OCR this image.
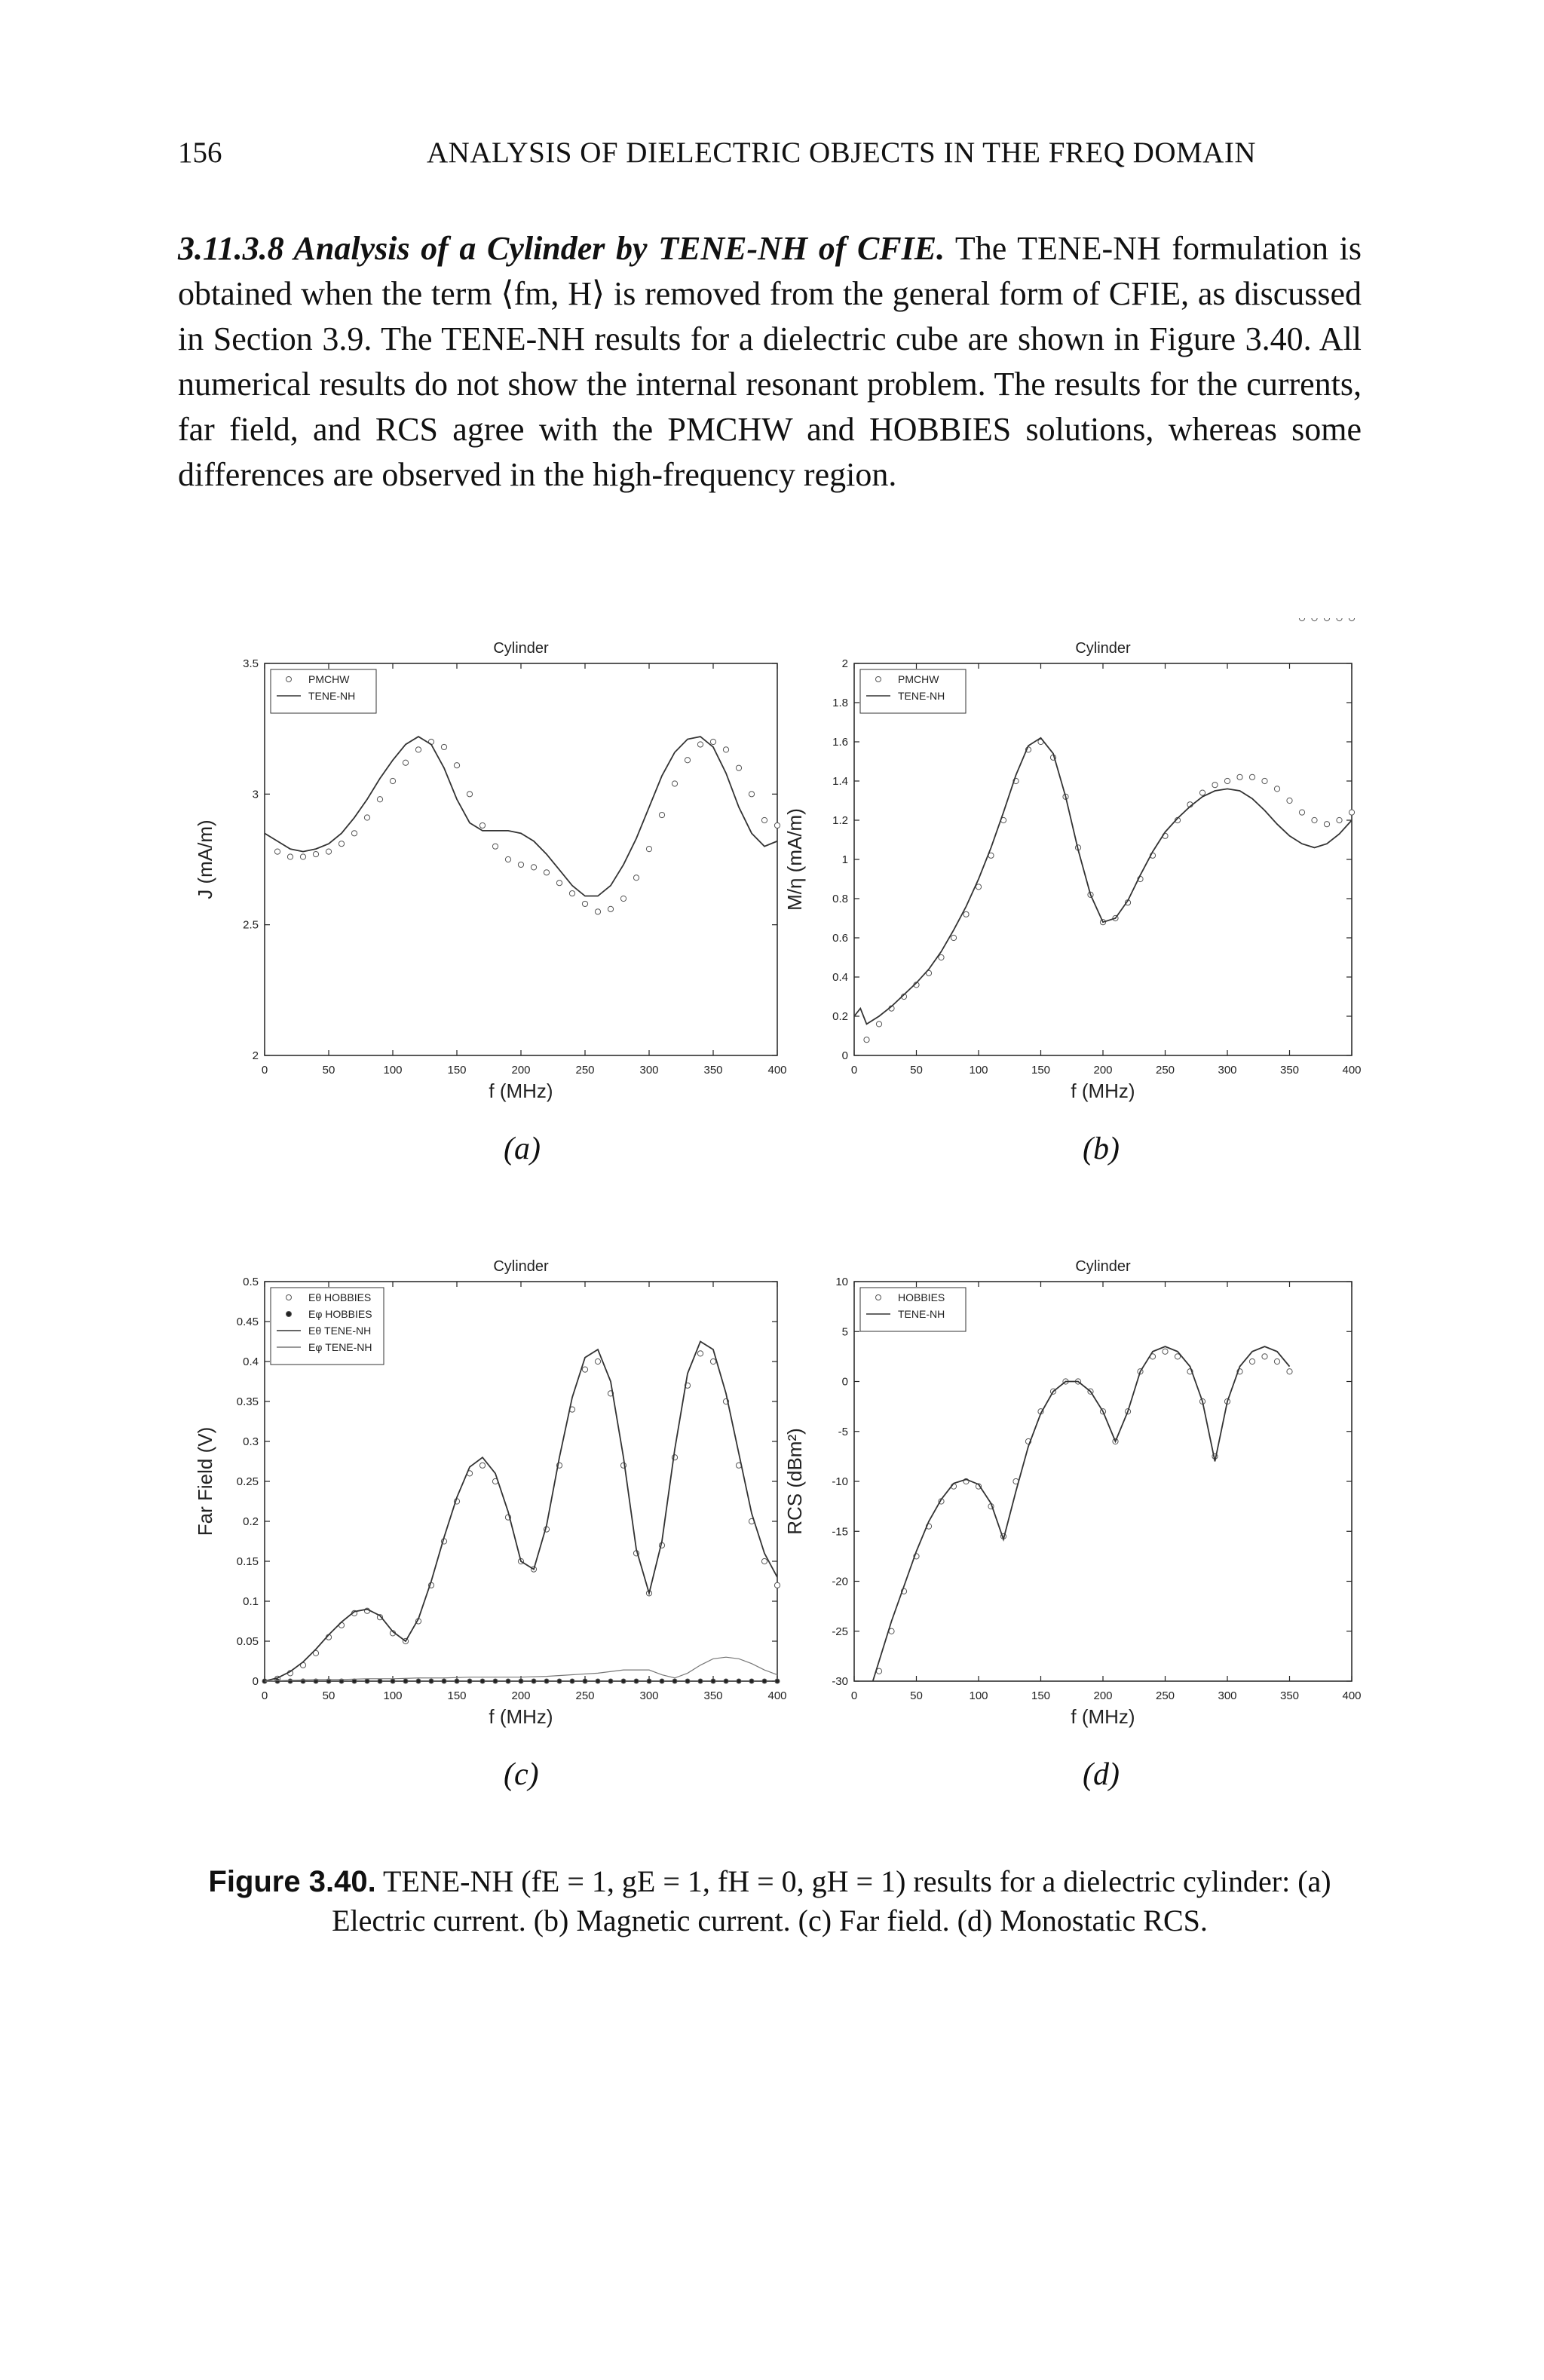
156	ANALYSIS OF DIELECTRIC OBJECTS IN THE FREQ DOMAIN
3.11.3.8 Analysis of a Cylinder by TENE-NH of CFIE. The TENE-NH formulation is obtained when the term ⟨fm, H⟩ is removed from the general form of CFIE, as discussed in Section 3.9. The TENE-NH results for a dielectric cube are shown in Figure 3.40. All numerical results do not show the internal resonant problem. The results for the currents, far field, and RCS agree with the PMCHW and HOBBIES solutions, whereas some differences are observed in the high-frequency region.
0	50	100	150	200	250	300	350	400
2
2.5
3
3.5
Cylinder
f (MHz)
J (mA/m)
PMCHW
TENE-NH
0	50	100	150	200	250	300	350	400
0
0.2
0.4
0.6
0.8
1
1.2
1.4
1.6
1.8
2
Cylinder
f (MHz)
M/η (mA/m)
PMCHW
TENE-NH
0	50	100	150	200	250	300	350	400
0
0.05
0.1
0.15
0.2
0.25
0.3
0.35
0.4
0.45
0.5
Cylinder
f (MHz)
Far Field (V)
Eθ HOBBIES
Eφ HOBBIES
Eθ TENE-NH
Eφ TENE-NH
0	50	100	150	200	250	300	350	400
-30
-25
-20
-15
-10
-5
0
5
10
Cylinder
f (MHz)
RCS (dBm²)
HOBBIES
TENE-NH
(a)	(b)
(c)	(d)
Figure 3.40. TENE-NH (fE = 1, gE = 1, fH = 0, gH = 1) results for a dielectric cylinder: (a) Electric current. (b) Magnetic current. (c) Far field. (d) Monostatic RCS.
